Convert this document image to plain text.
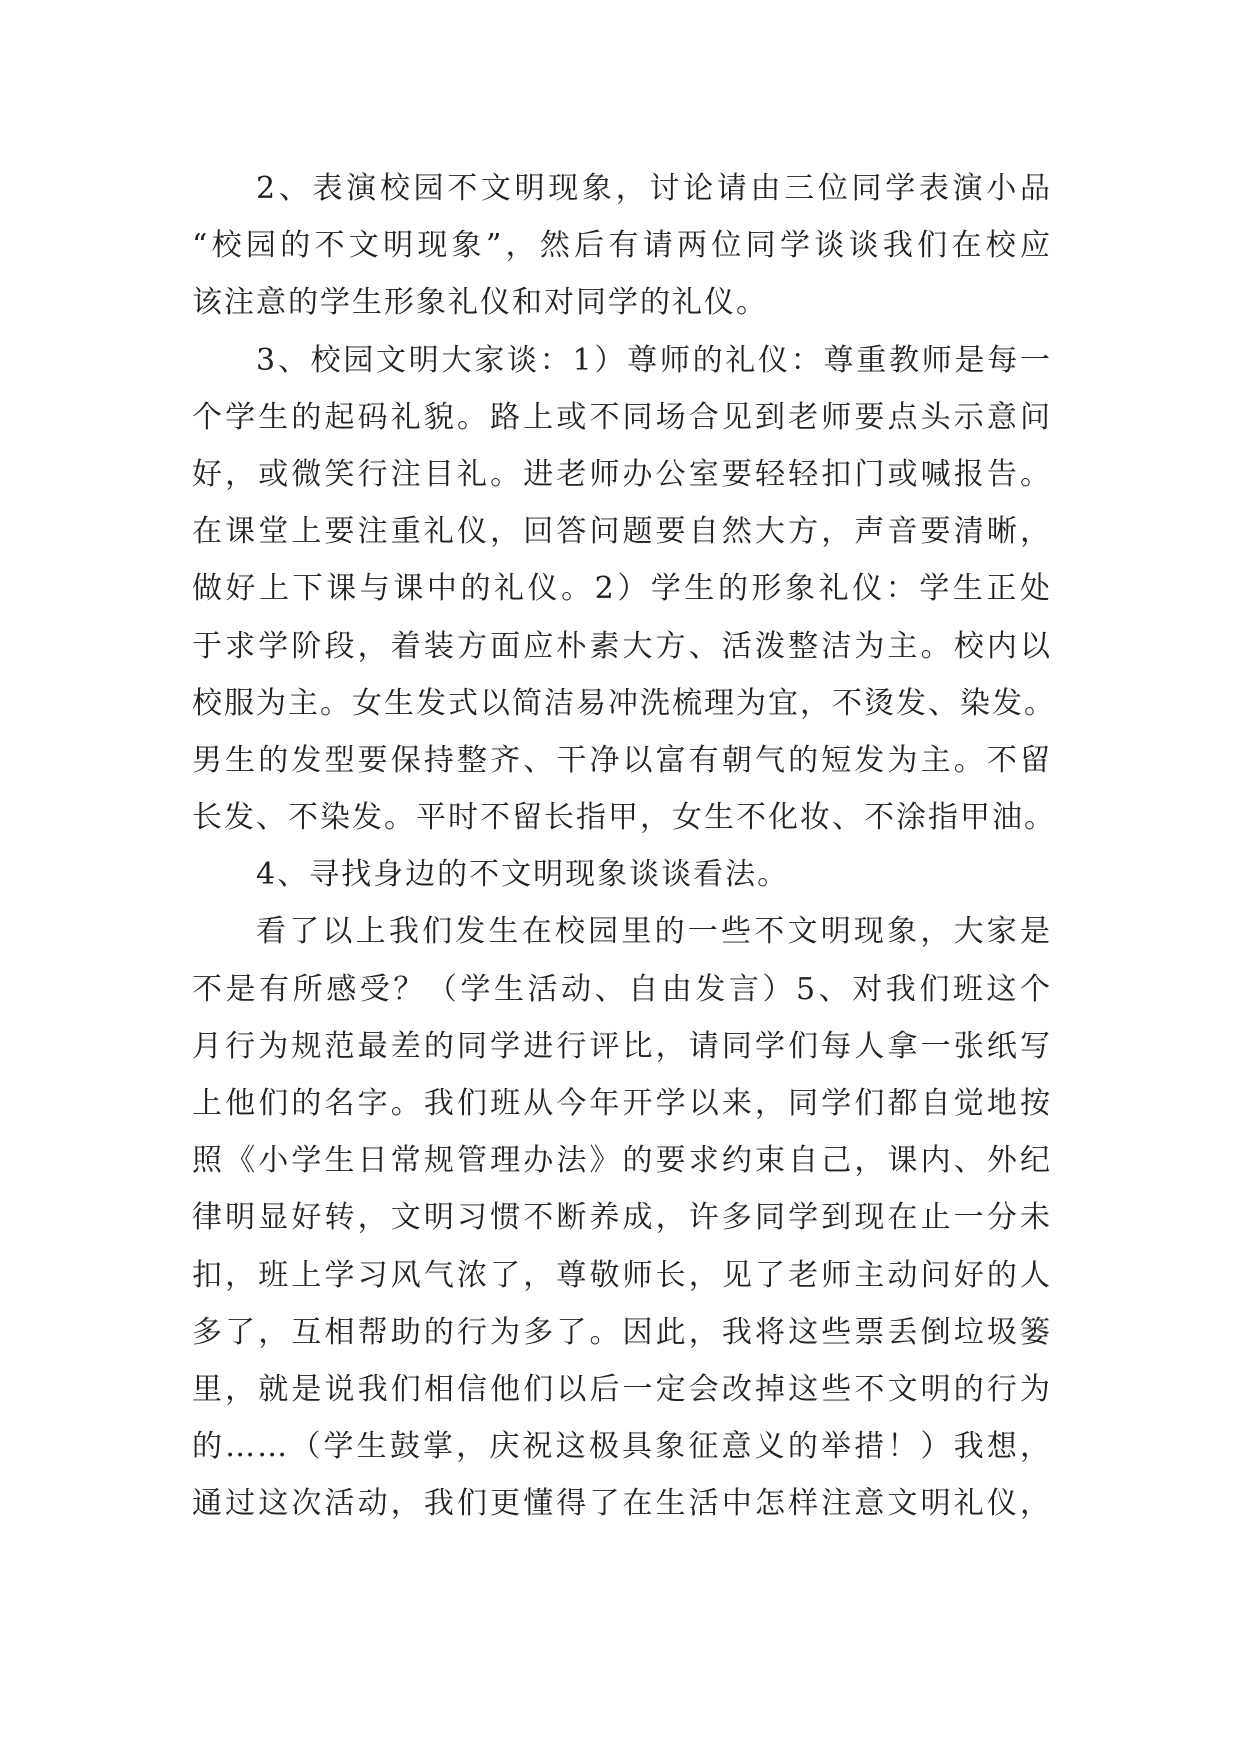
2、表演校园不文明现象，讨论请由三位同学表演小品
“校园的不文明现象”，然后有请两位同学谈谈我们在校应
该注意的学生形象礼仪和对同学的礼仪。
3、校园文明大家谈：1）尊师的礼仪：尊重教师是每一
个学生的起码礼貌。路上或不同场合见到老师要点头示意问
好，或微笑行注目礼。进老师办公室要轻轻扣门或喊报告。
在课堂上要注重礼仪，回答问题要自然大方，声音要清晰，
做好上下课与课中的礼仪。2）学生的形象礼仪：学生正处
于求学阶段，着装方面应朴素大方、活泼整洁为主。校内以
校服为主。女生发式以简洁易冲洗梳理为宜，不烫发、染发。
男生的发型要保持整齐、干净以富有朝气的短发为主。不留
长发、不染发。平时不留长指甲，女生不化妆、不涂指甲油。
4、寻找身边的不文明现象谈谈看法。
看了以上我们发生在校园里的一些不文明现象，大家是
不是有所感受？（学生活动、自由发言）5、对我们班这个
月行为规范最差的同学进行评比，请同学们每人拿一张纸写
上他们的名字。我们班从今年开学以来，同学们都自觉地按
照《小学生日常规管理办法》的要求约束自己，课内、外纪
律明显好转，文明习惯不断养成，许多同学到现在止一分未
扣，班上学习风气浓了，尊敬师长，见了老师主动问好的人
多了，互相帮助的行为多了。因此，我将这些票丢倒垃圾篓
里，就是说我们相信他们以后一定会改掉这些不文明的行为
的……（学生鼓掌，庆祝这极具象征意义的举措！）我想，
通过这次活动，我们更懂得了在生活中怎样注意文明礼仪，
